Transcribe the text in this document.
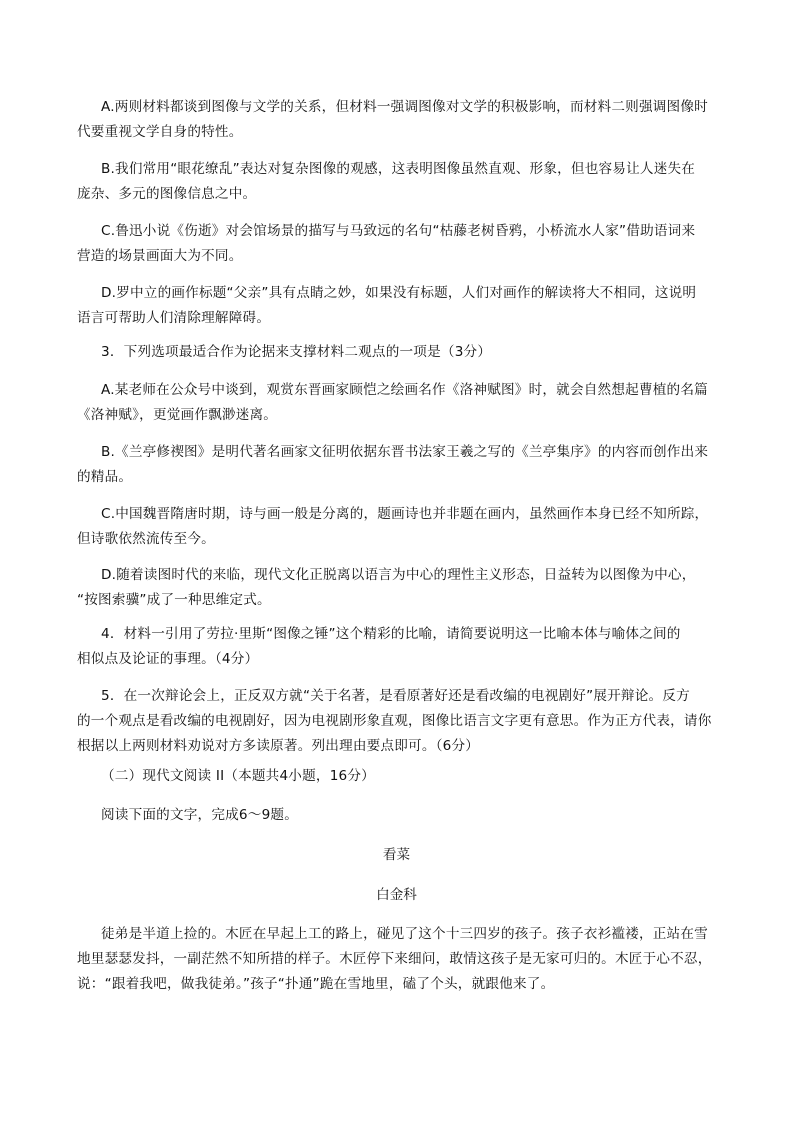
A.两则材料都谈到图像与文学的关系，但材料一强调图像对文学的积极影响，而材料二则强调图像时
代要重视文学自身的特性。
B.我们常用“眼花缭乱”表达对复杂图像的观感，这表明图像虽然直观、形象，但也容易让人迷失在
庞杂、多元的图像信息之中。
C.鲁迅小说《伤逝》对会馆场景的描写与马致远的名句“枯藤老树昏鸦，小桥流水人家”借助语词来
营造的场景画面大为不同。
D.罗中立的画作标题“父亲”具有点睛之妙，如果没有标题，人们对画作的解读将大不相同，这说明
语言可帮助人们清除理解障碍。
3．下列选项最适合作为论据来支撑材料二观点的一项是（3分）
A.某老师在公众号中谈到，观赏东晋画家顾恺之绘画名作《洛神赋图》时，就会自然想起曹植的名篇
《洛神赋》，更觉画作飘渺迷离。
B.《兰亭修禊图》是明代著名画家文征明依据东晋书法家王羲之写的《兰亭集序》的内容而创作出来
的精品。
C.中国魏晋隋唐时期，诗与画一般是分离的，题画诗也并非题在画内，虽然画作本身已经不知所踪，
但诗歌依然流传至今。
D.随着读图时代的来临，现代文化正脱离以语言为中心的理性主义形态，日益转为以图像为中心，
“按图索骥”成了一种思维定式。
4．材料一引用了劳拉·里斯“图像之锤”这个精彩的比喻，请简要说明这一比喻本体与喻体之间的
相似点及论证的事理。（4分）
5．在一次辩论会上，正反双方就“关于名著，是看原著好还是看改编的电视剧好”展开辩论。反方
的一个观点是看改编的电视剧好，因为电视剧形象直观，图像比语言文字更有意思。作为正方代表，请你
根据以上两则材料劝说对方多读原著。列出理由要点即可。（6分）
（二）现代文阅读 II（本题共4小题，16分）
阅读下面的文字，完成6～9题。

看菜

白金科

徒弟是半道上捡的。木匠在早起上工的路上，碰见了这个十三四岁的孩子。孩子衣衫褴褛，正站在雪
地里瑟瑟发抖，一副茫然不知所措的样子。木匠停下来细问，敢情这孩子是无家可归的。木匠于心不忍，
说：“跟着我吧，做我徒弟。”孩子“扑通”跪在雪地里，磕了个头，就跟他来了。
